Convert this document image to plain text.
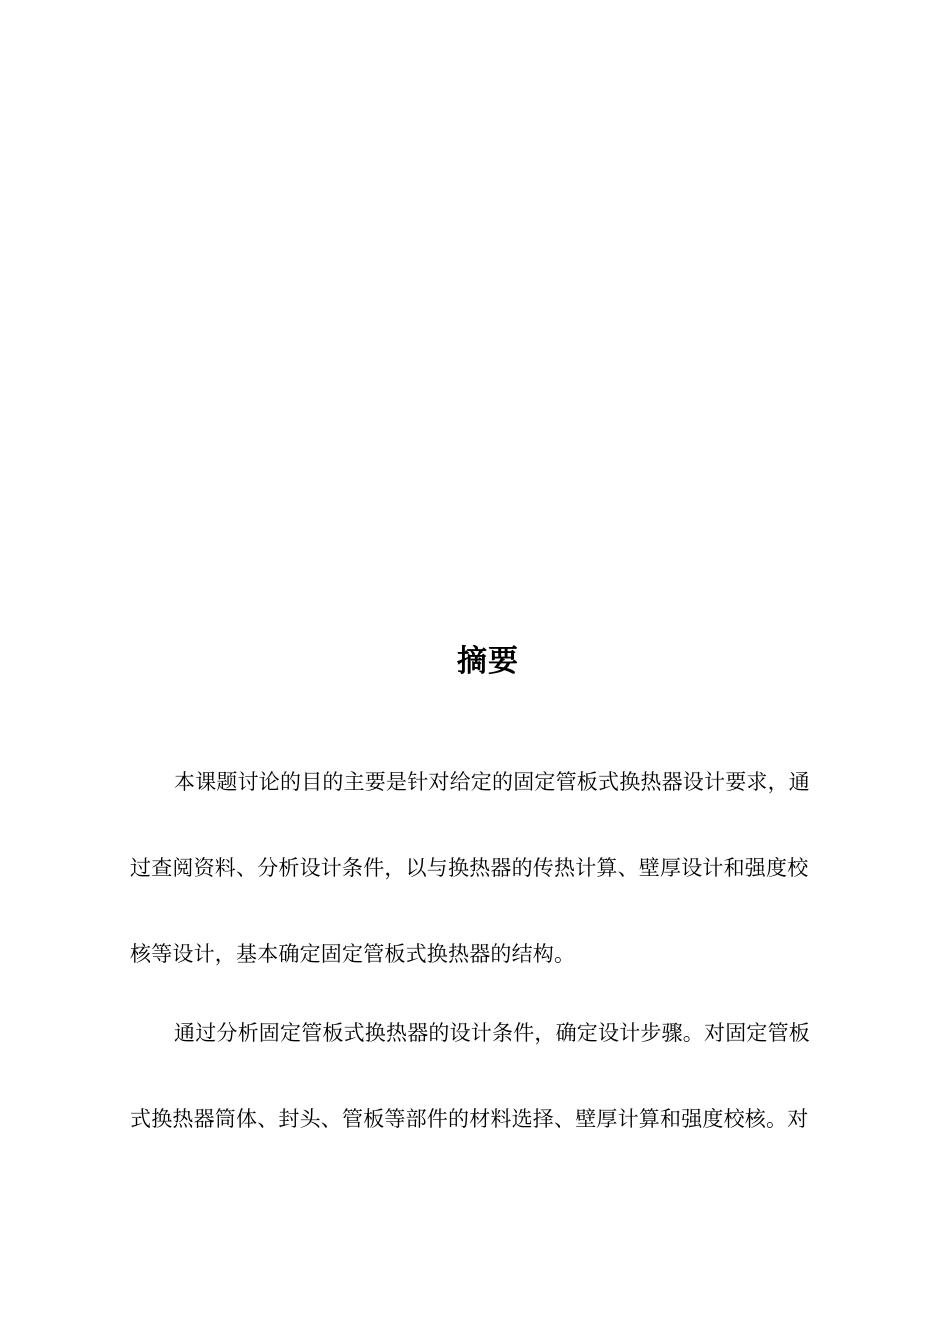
摘要
本课题讨论的目的主要是针对给定的固定管板式换热器设计要求，通
过查阅资料、分析设计条件，以与换热器的传热计算、壁厚设计和强度校
核等设计，基本确定固定管板式换热器的结构。
通过分析固定管板式换热器的设计条件，确定设计步骤。对固定管板
式换热器筒体、封头、管板等部件的材料选择、壁厚计算和强度校核。对
